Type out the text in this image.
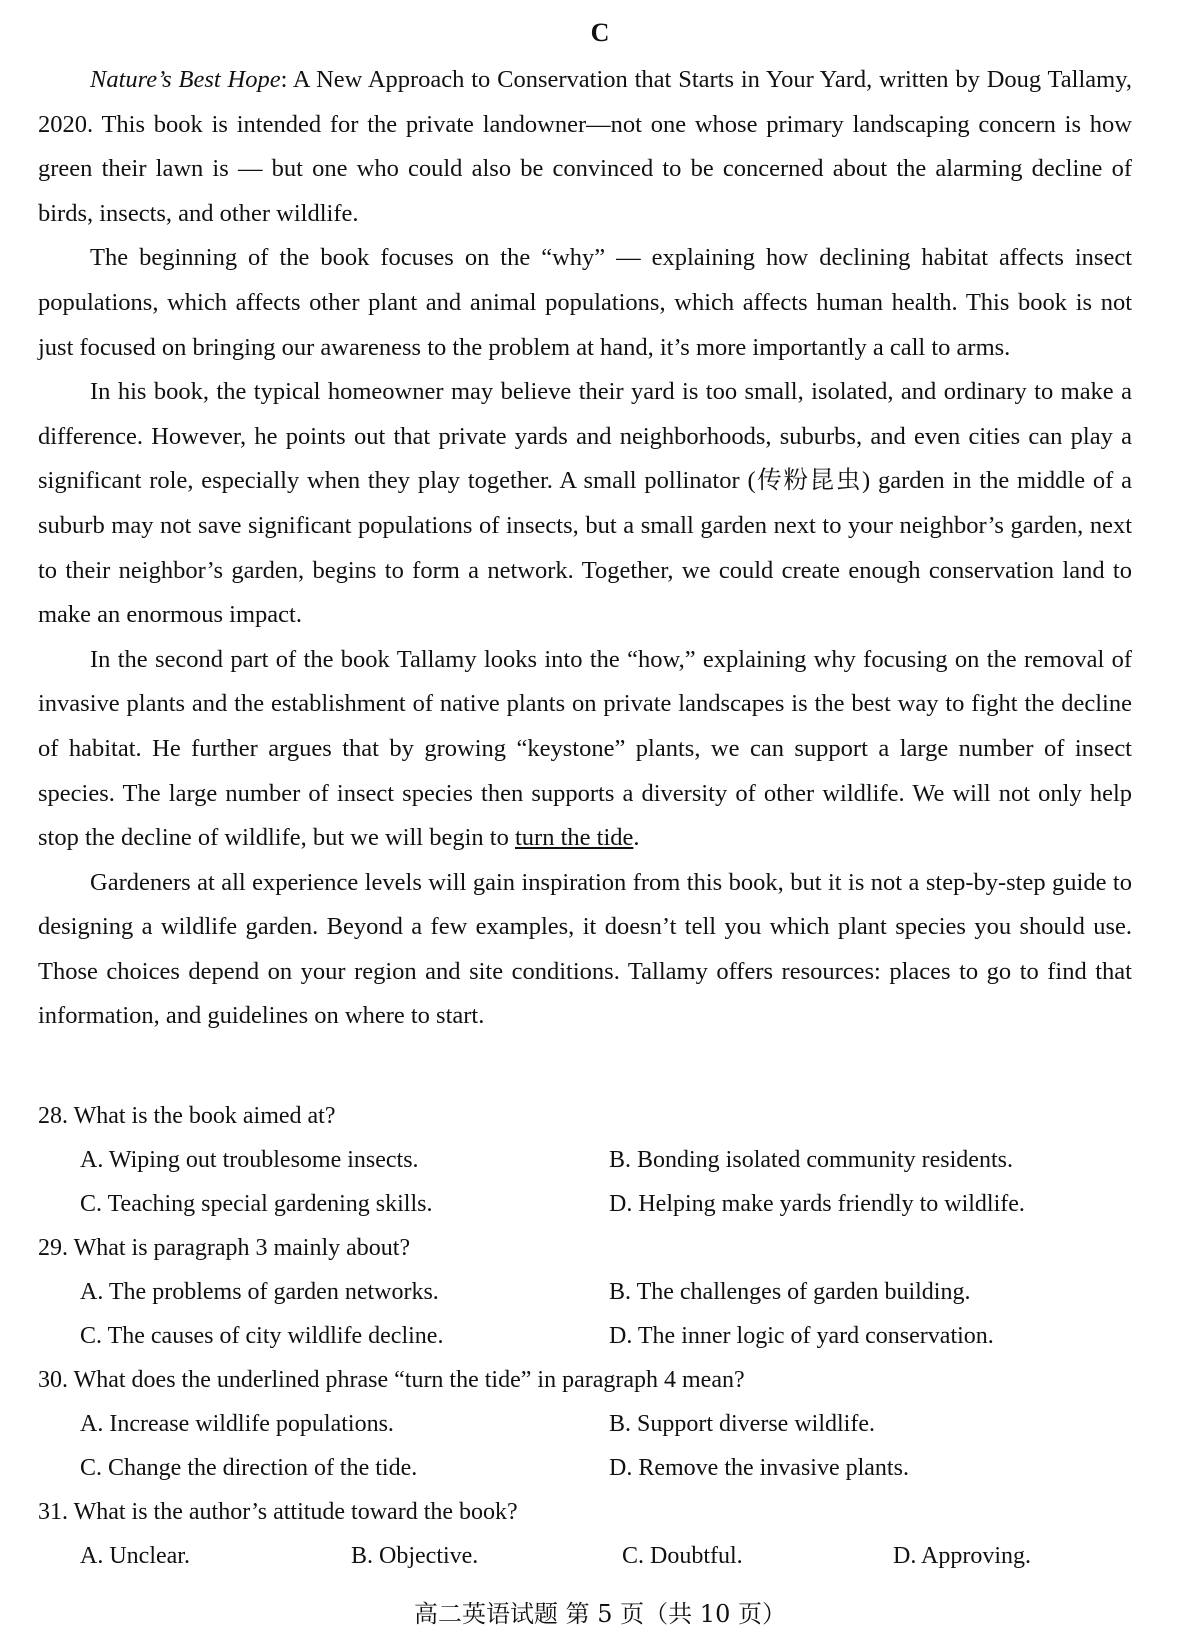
C

Nature’s Best Hope: A New Approach to Conservation that Starts in Your Yard, written by Doug Tallamy, 2020. This book is intended for the private landowner—not one whose primary landscaping concern is how green their lawn is — but one who could also be convinced to be concerned about the alarming decline of birds, insects, and other wildlife.

The beginning of the book focuses on the “why” — explaining how declining habitat affects insect populations, which affects other plant and animal populations, which affects human health. This book is not just focused on bringing our awareness to the problem at hand, it’s more importantly a call to arms.

In his book, the typical homeowner may believe their yard is too small, isolated, and ordinary to make a difference. However, he points out that private yards and neighborhoods, suburbs, and even cities can play a significant role, especially when they play together. A small pollinator (传粉昆虫) garden in the middle of a suburb may not save significant populations of insects, but a small garden next to your neighbor’s garden, next to their neighbor’s garden, begins to form a network. Together, we could create enough conservation land to make an enormous impact.

In the second part of the book Tallamy looks into the “how,” explaining why focusing on the removal of invasive plants and the establishment of native plants on private landscapes is the best way to fight the decline of habitat. He further argues that by growing “keystone” plants, we can support a large number of insect species. The large number of insect species then supports a diversity of other wildlife. We will not only help stop the decline of wildlife, but we will begin to turn the tide.

Gardeners at all experience levels will gain inspiration from this book, but it is not a step-by-step guide to designing a wildlife garden. Beyond a few examples, it doesn’t tell you which plant species you should use. Those choices depend on your region and site conditions. Tallamy offers resources: places to go to find that information, and guidelines on where to start.

28. What is the book aimed at?

A. Wiping out troublesome insects.	B. Bonding isolated community residents.
C. Teaching special gardening skills.	D. Helping make yards friendly to wildlife.

29. What is paragraph 3 mainly about?

A. The problems of garden networks.	B. The challenges of garden building.
C. The causes of city wildlife decline.	D. The inner logic of yard conservation.

30. What does the underlined phrase “turn the tide” in paragraph 4 mean?

A. Increase wildlife populations.	B. Support diverse wildlife.
C. Change the direction of the tide.	D. Remove the invasive plants.

31. What is the author’s attitude toward the book?

A. Unclear.	B. Objective.	C. Doubtful.	D. Approving.
高二英语试题 第 5 页（共 10 页）
